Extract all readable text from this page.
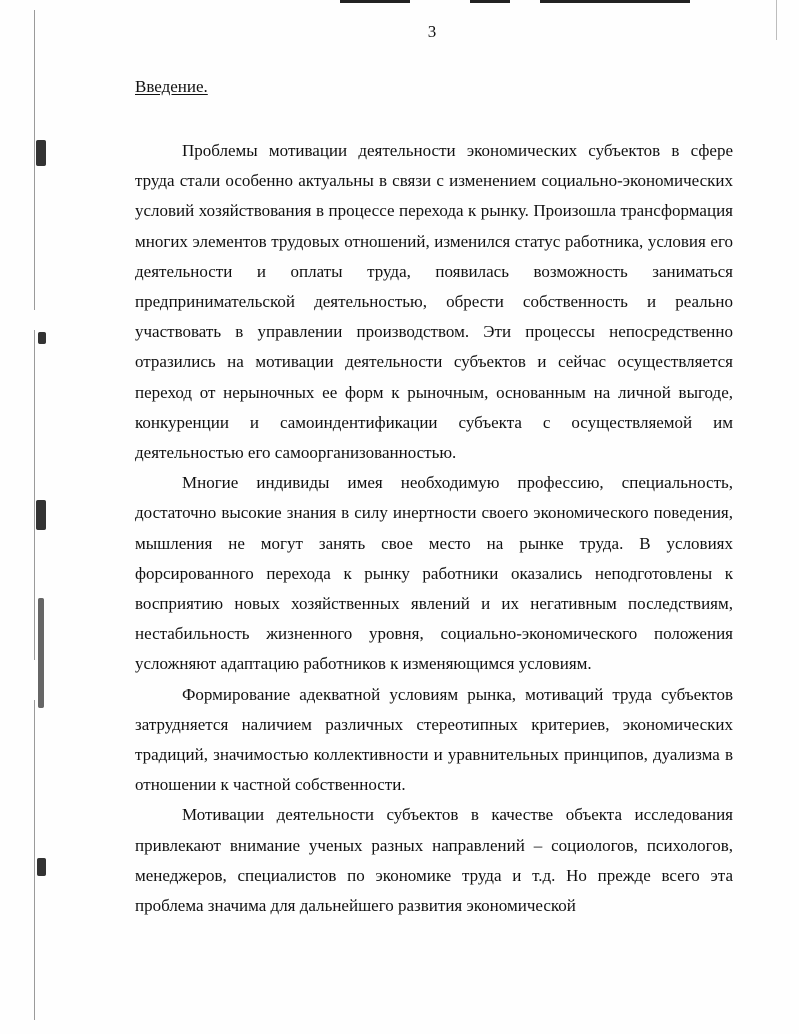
3
Введение.

Проблемы мотивации деятельности экономических субъектов в сфере труда стали особенно актуальны в связи с изменением социально-экономических условий хозяйствования в процессе перехода к рынку. Произошла трансформация многих элементов трудовых отношений, изменился статус работника, условия его деятельности и оплаты труда, появилась возможность заниматься предпринимательской деятельностью, обрести собственность и реально участвовать в управлении производством. Эти процессы непосредственно отразились на мотивации деятельности субъектов и сейчас осуществляется переход от нерыночных ее форм к рыночным, основанным на личной выгоде, конкуренции и самоиндентификации субъекта с осуществляемой им деятельностью его самоорганизованностью.

Многие индивиды имея необходимую профессию, специальность, достаточно высокие знания в силу инертности своего экономического поведения, мышления не могут занять свое место на рынке труда. В условиях форсированного перехода к рынку работники оказались неподготовлены к восприятию новых хозяйственных явлений и их негативным последствиям, нестабильность жизненного уровня, социально-экономического положения усложняют адаптацию работников к изменяющимся условиям.

Формирование адекватной условиям рынка, мотиваций труда субъектов затрудняется наличием различных стереотипных критериев, экономических традиций, значимостью коллективности и уравнительных принципов, дуализма в отношении к частной собственности.

Мотивации деятельности субъектов в качестве объекта исследования привлекают внимание ученых разных направлений – социологов, психологов, менеджеров, специалистов по экономике труда и т.д. Но прежде всего эта проблема значима для дальнейшего развития экономической
